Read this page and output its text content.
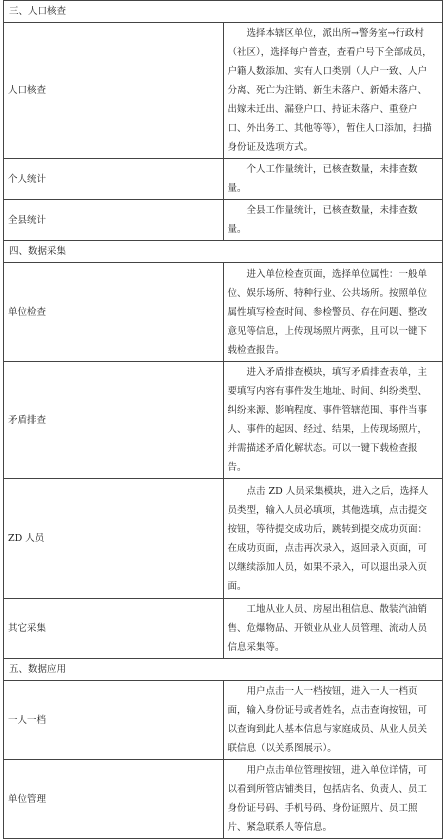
三、人口核查	
人口核查	选择本辖区单位，派出所→警务室→行政村（社区），选择每户普查，查看户号下全部成员，户籍人数添加、实有人口类别（人户一致、人户分离、死亡为注销、新生未落户、新婚未落户、出嫁未迁出、漏登户口、持证未落户、重登户口、外出务工、其他等等），暂住人口添加，扫描身份证及选项方式。
个人统计	个人工作量统计，已核查数量，未排查数量。
全县统计	全县工作量统计，已核查数量，未排查数量。
四、数据采集	
单位检查	进入单位检查页面，选择单位属性：一般单位、娱乐场所、特种行业、公共场所。按照单位属性填写检查时间、参检警员、存在问题、整改意见等信息，上传现场照片两张，且可以一键下载检查报告。
矛盾排查	进入矛盾排查模块，填写矛盾排查表单，主要填写内容有事件发生地址、时间、纠纷类型、纠纷来源、影响程度、事件管辖范围、事件当事人、事件的起因、经过、结果，上传现场照片，并需描述矛盾化解状态。可以一键下载检查报告。
ZD 人员	点击 ZD 人员采集模块，进入之后，选择人员类型，输入人员必填项，其他选填，点击提交按钮，等待提交成功后，跳转到提交成功页面：在成功页面，点击再次录入，返回录入页面，可以继续添加人员，如果不录入，可以退出录入页面。
其它采集	工地从业人员、房屋出租信息、散装汽油销售、危爆物品、开锁业从业人员管理、流动人员信息采集等。
五、数据应用	
一人一档	用户点击一人一档按钮，进入一人一档页面，输入身份证号或者姓名，点击查询按钮，可以查询到此人基本信息与家庭成员、从业人员关联信息（以关系图展示）。
单位管理	用户点击单位管理按钮，进入单位详情，可以看到所管店铺类目，包括店名、负责人、员工身份证号码、手机号码、身份证照片、员工照片、紧急联系人等信息。
